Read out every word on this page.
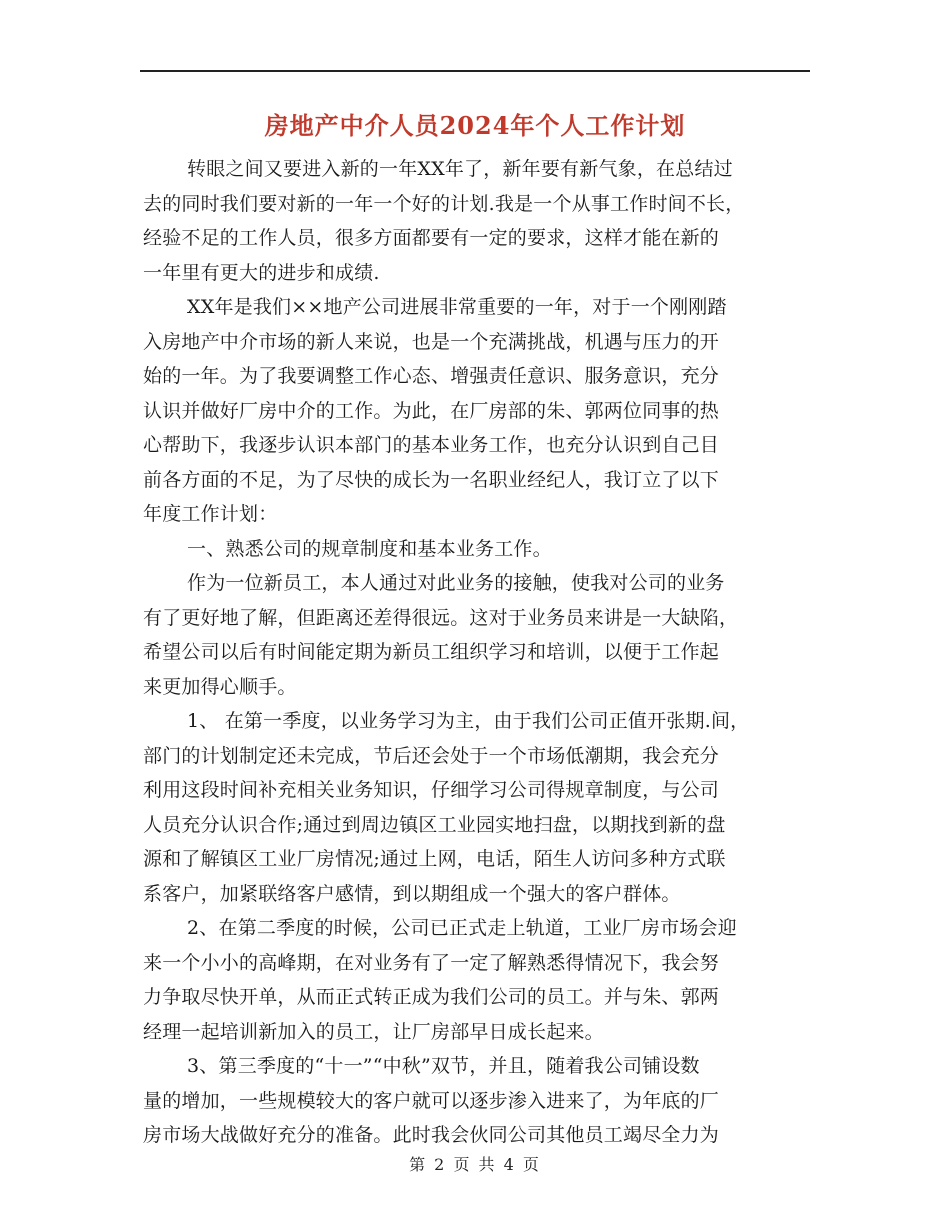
房地产中介人员2024年个人工作计划
转眼之间又要进入新的一年XX年了，新年要有新气象，在总结过
去的同时我们要对新的一年一个好的计划.我是一个从事工作时间不长，
经验不足的工作人员，很多方面都要有一定的要求，这样才能在新的
一年里有更大的进步和成绩.
XX年是我们××地产公司进展非常重要的一年，对于一个刚刚踏
入房地产中介市场的新人来说，也是一个充满挑战，机遇与压力的开
始的一年。为了我要调整工作心态、增强责任意识、服务意识，充分
认识并做好厂房中介的工作。为此，在厂房部的朱、郭两位同事的热
心帮助下，我逐步认识本部门的基本业务工作，也充分认识到自己目
前各方面的不足，为了尽快的成长为一名职业经纪人，我订立了以下
年度工作计划：
一、熟悉公司的规章制度和基本业务工作。
作为一位新员工，本人通过对此业务的接触，使我对公司的业务
有了更好地了解，但距离还差得很远。这对于业务员来讲是一大缺陷，
希望公司以后有时间能定期为新员工组织学习和培训，以便于工作起
来更加得心顺手。
1、 在第一季度，以业务学习为主，由于我们公司正值开张期.间，
部门的计划制定还未完成，节后还会处于一个市场低潮期，我会充分
利用这段时间补充相关业务知识，仔细学习公司得规章制度，与公司
人员充分认识合作;通过到周边镇区工业园实地扫盘，以期找到新的盘
源和了解镇区工业厂房情况;通过上网，电话，陌生人访问多种方式联
系客户，加紧联络客户感情，到以期组成一个强大的客户群体。
2、在第二季度的时候，公司已正式走上轨道，工业厂房市场会迎
来一个小小的高峰期，在对业务有了一定了解熟悉得情况下，我会努
力争取尽快开单，从而正式转正成为我们公司的员工。并与朱、郭两
经理一起培训新加入的员工，让厂房部早日成长起来。
3、第三季度的“十一”“中秋”双节，并且，随着我公司铺设数
量的增加，一些规模较大的客户就可以逐步渗入进来了，为年底的厂
房市场大战做好充分的准备。此时我会伙同公司其他员工竭尽全力为
第 2 页 共 4 页
